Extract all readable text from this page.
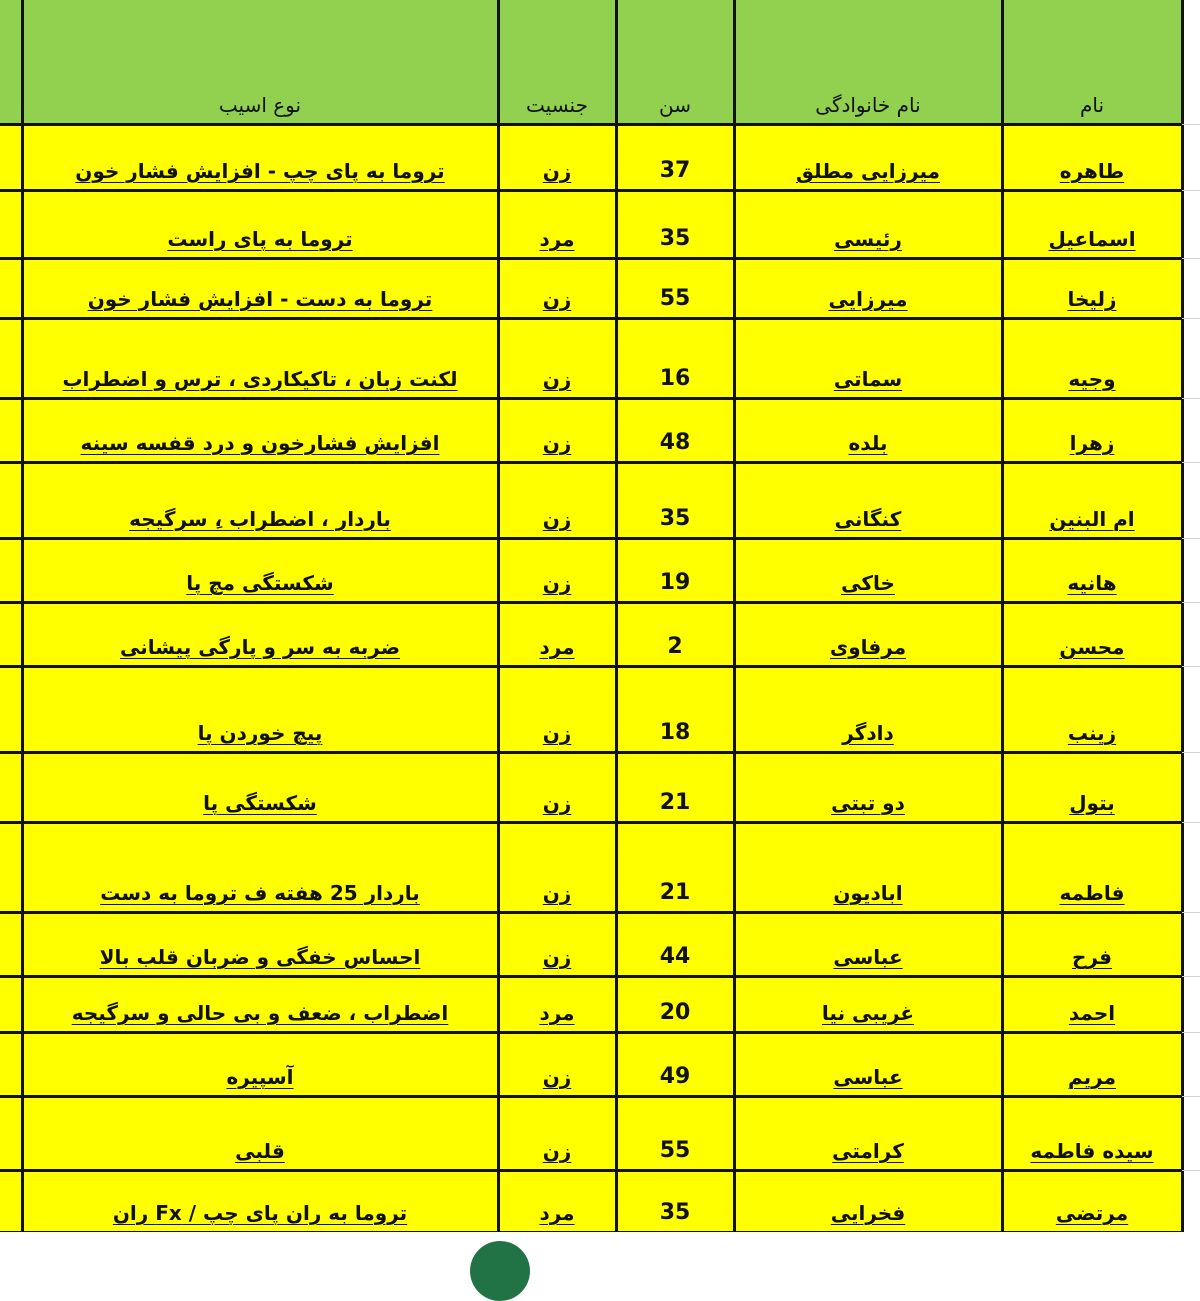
	نوع اسیب	جنسیت	سن	نام خانوادگی	نام
	تروما به پای چپ - افزایش فشار خون	زن	37	میرزایی مطلق	طاهره
	تروما به پای راست	مرد	35	رئیسی	اسماعیل
	تروما به دست - افزایش فشار خون	زن	55	میرزایی	زلیخا
	لکنت زبان ، تاکیکاردی ، ترس و اضطراب	زن	16	سماتی	وجیه
	افزایش فشارخون و درد قفسه سینه	زن	48	بلده	زهرا
	باردار ، اضطراب ،ِ سرگیجه	زن	35	کنگانی	ام البنین
	شکستگی مچ پا	زن	19	خاکی	هانیه
	ضربه به سر و پارگی پیشانی	مرد	2	مرفاوی	محسن
	پیچ خوردن پا	زن	18	دادگر	زینب
	شکستگی پا	زن	21	دو تبتی	بتول
	باردار 25 هفته ف تروما به دست	زن	21	ابادیون	فاطمه
	احساس خفگی و ضربان قلب بالا	زن	44	عباسی	فرح
	اضطراب ، ضعف و بی حالی و سرگیجه	مرد	20	غریبی نیا	احمد
	آسپیره	زن	49	عباسی	مریم
	قلبی	زن	55	کرامتی	سیده فاطمه
	تروما به ران پای چپ / Fx ران	مرد	35	فخرایی	مرتضی
